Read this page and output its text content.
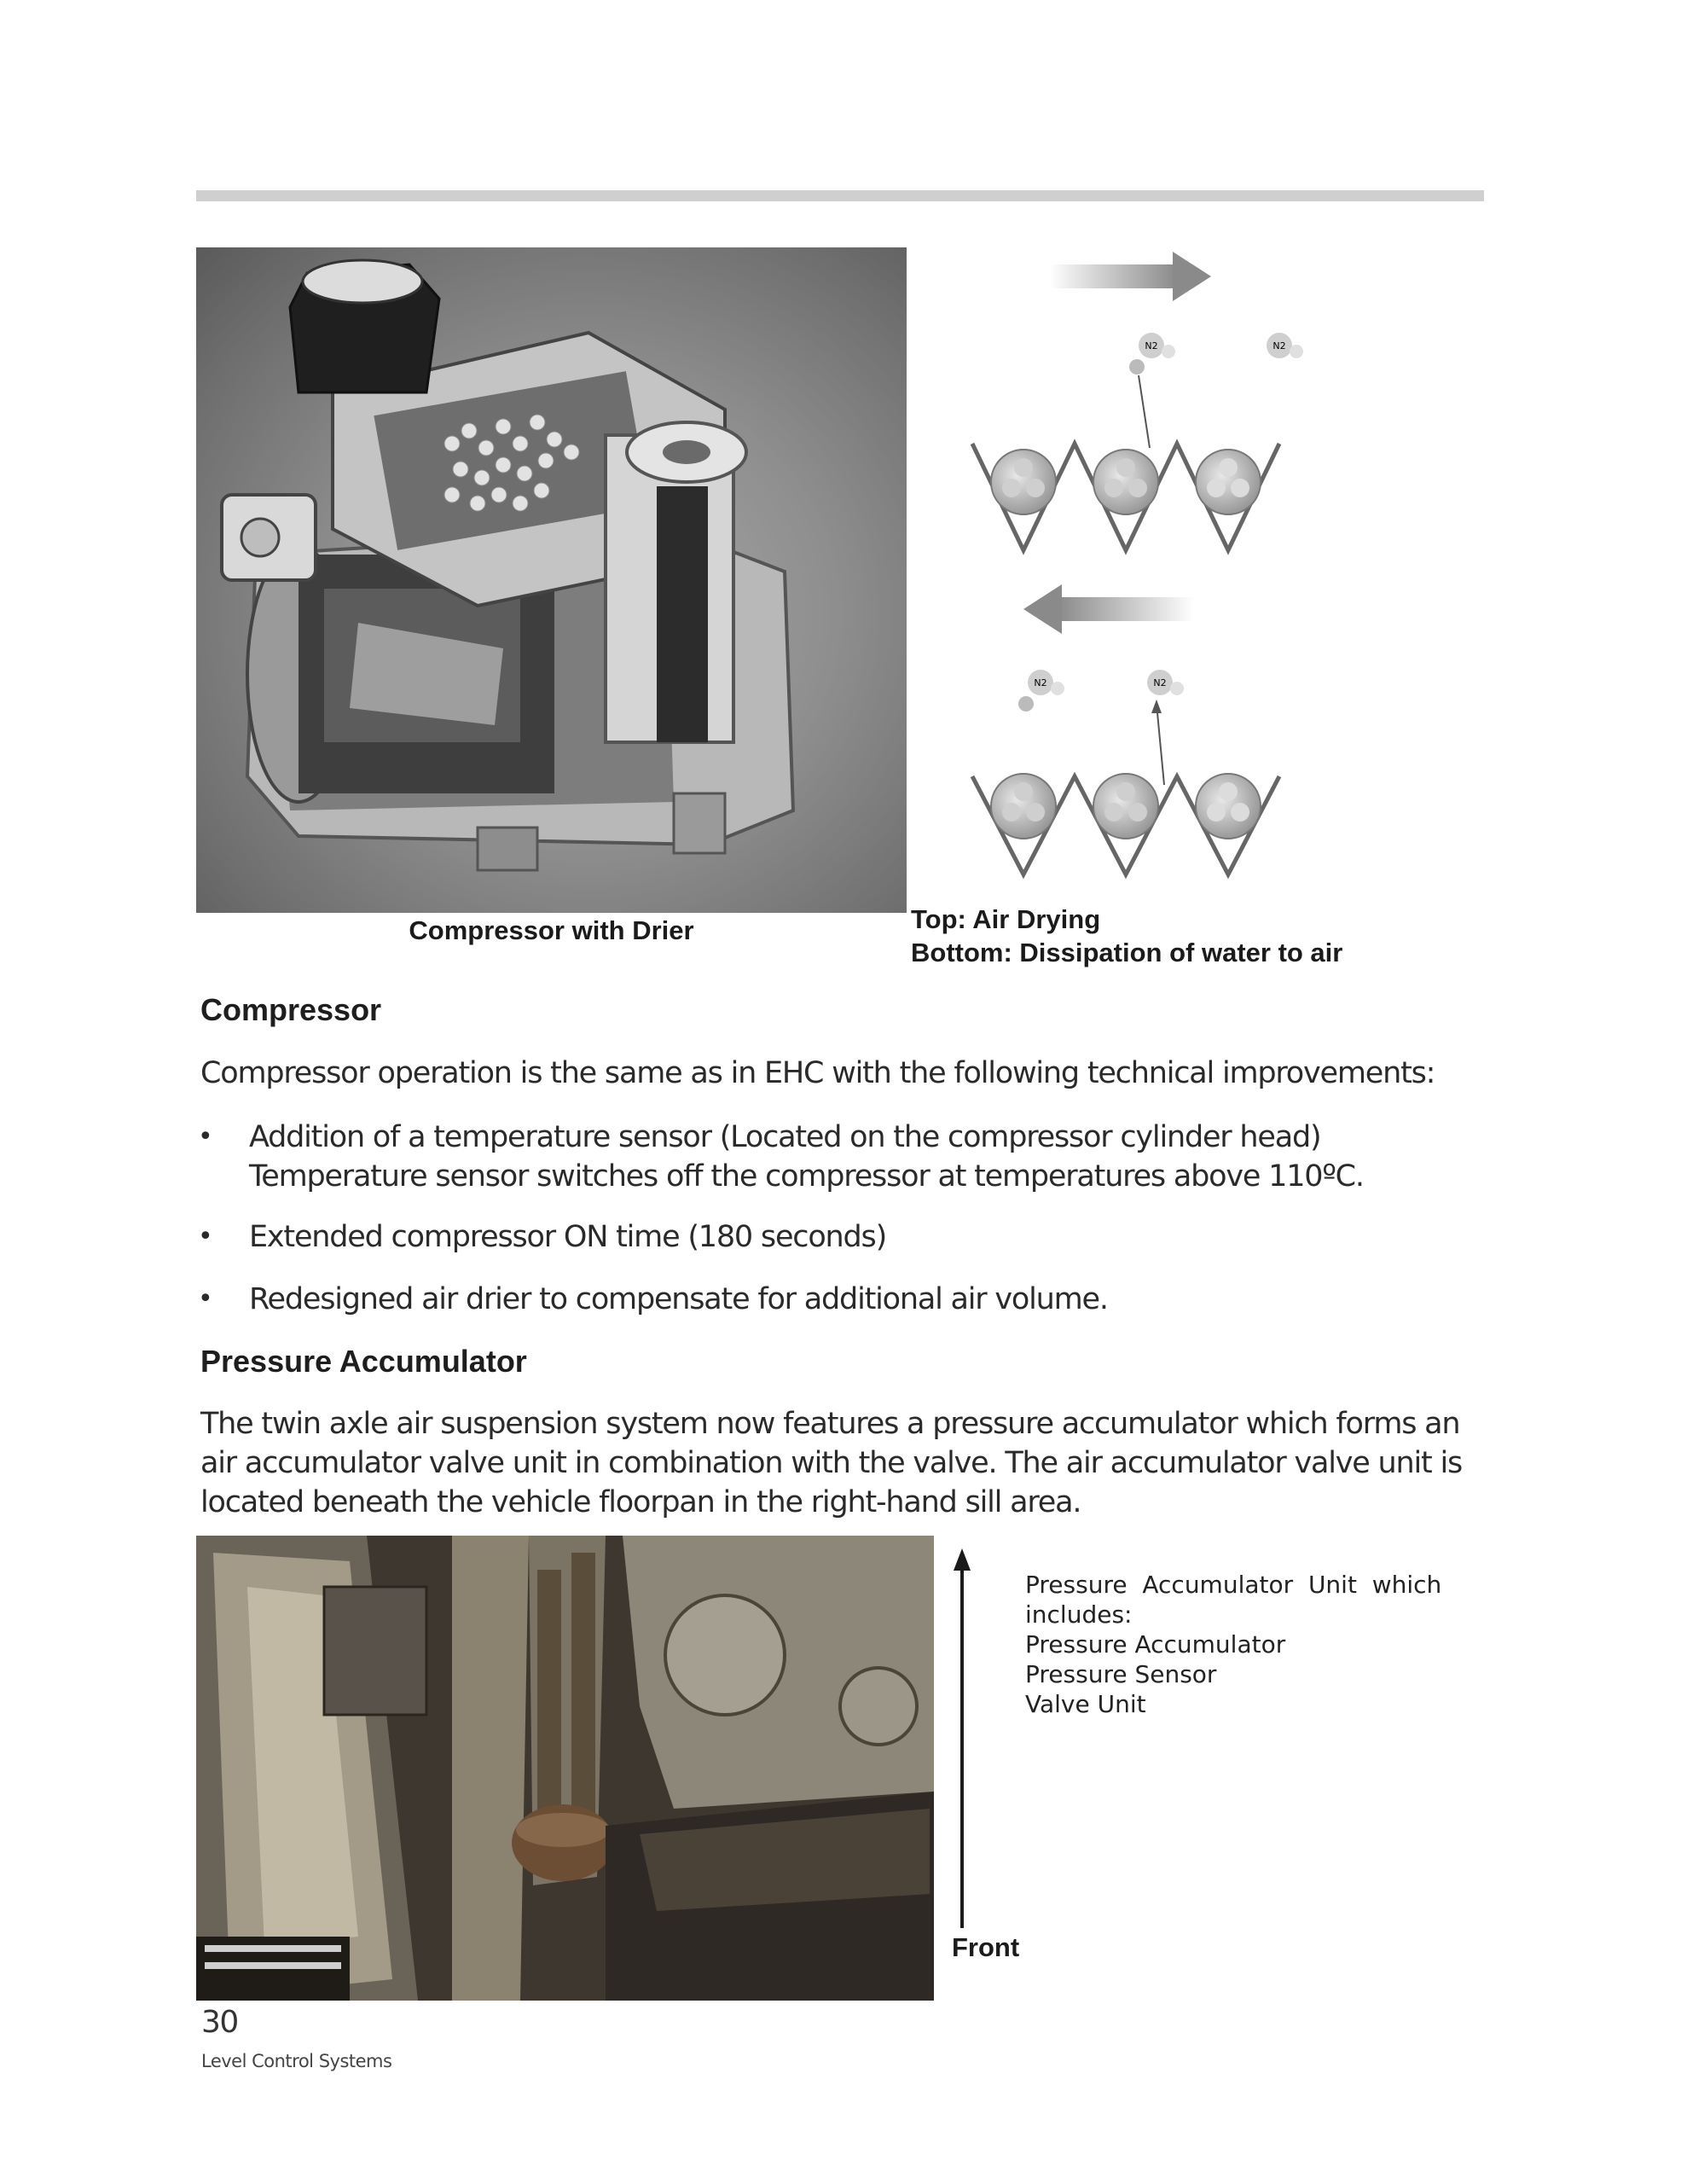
N2	N2
N2	N2
Compressor with Drier	Top: Air Drying
Bottom: Dissipation of water to air
Compressor
Compressor operation is the same as in EHC with the following technical improvements:
• Addition of a temperature sensor (Located on the compressor cylinder head)
Temperature sensor switches off the compressor at temperatures above 110ºC.
• Extended compressor ON time (180 seconds)
• Redesigned air drier to compensate for additional air volume.
Pressure Accumulator
The twin axle air suspension system now features a pressure accumulator which forms an
air accumulator valve unit in combination with the valve. The air accumulator valve unit is
located beneath the vehicle floorpan in the right-hand sill area.
Front
Pressure  Accumulator  Unit  which
includes:
Pressure Accumulator
Pressure Sensor
Valve Unit
30
Level Control Systems
